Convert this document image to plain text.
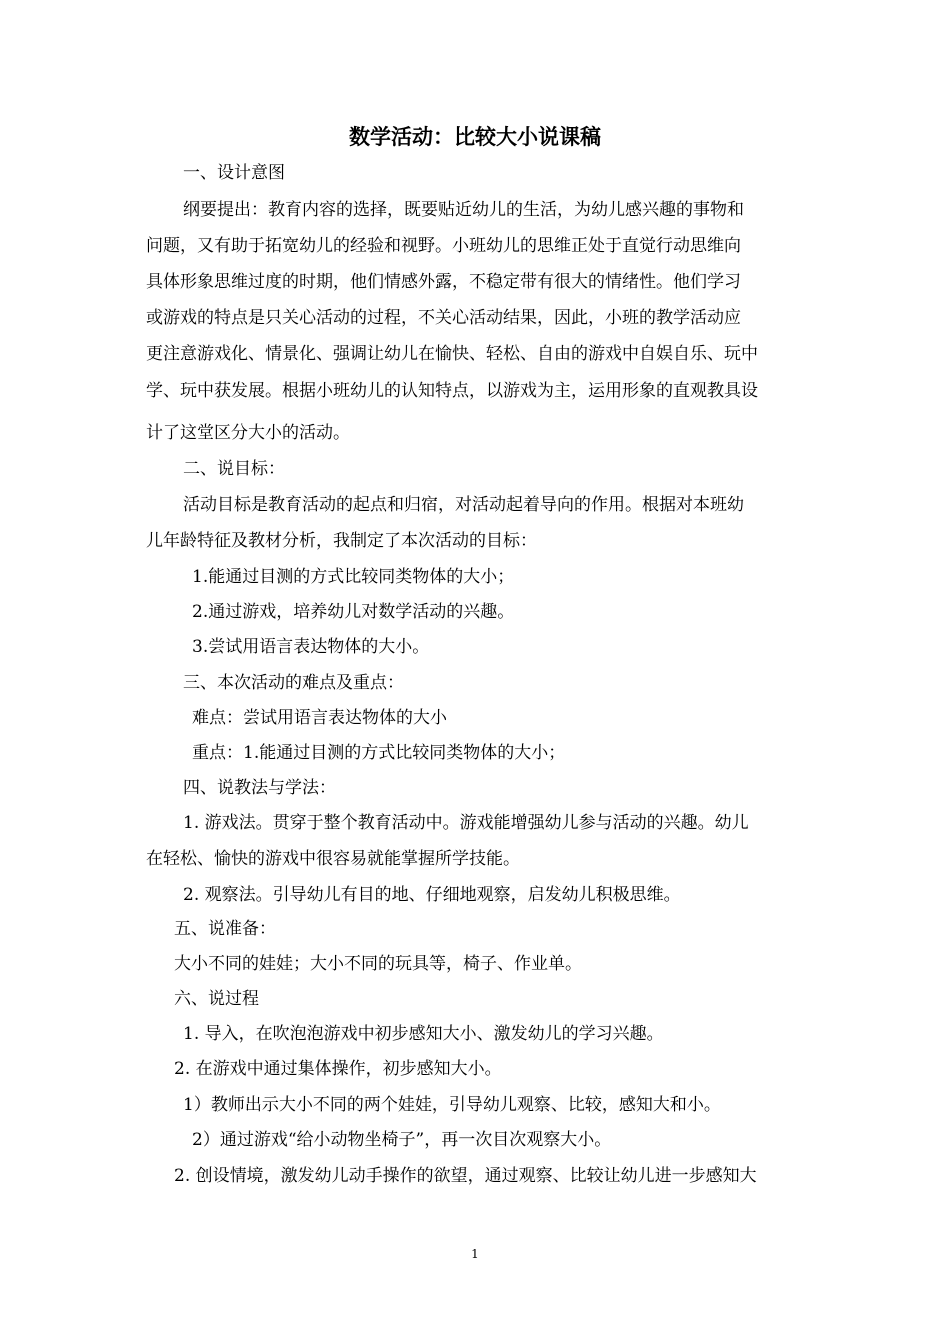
数学活动：比较大小说课稿
一、设计意图
纲要提出：教育内容的选择，既要贴近幼儿的生活，为幼儿感兴趣的事物和
问题，又有助于拓宽幼儿的经验和视野。小班幼儿的思维正处于直觉行动思维向
具体形象思维过度的时期，他们情感外露，不稳定带有很大的情绪性。他们学习
或游戏的特点是只关心活动的过程，不关心活动结果，因此，小班的教学活动应
更注意游戏化、情景化、强调让幼儿在愉快、轻松、自由的游戏中自娱自乐、玩中
学、玩中获发展。根据小班幼儿的认知特点，以游戏为主，运用形象的直观教具设
计了这堂区分大小的活动。
二、说目标：
活动目标是教育活动的起点和归宿，对活动起着导向的作用。根据对本班幼
儿年龄特征及教材分析，我制定了本次活动的目标：
1.能通过目测的方式比较同类物体的大小；
2.通过游戏，培养幼儿对数学活动的兴趣。
3.尝试用语言表达物体的大小。
三、本次活动的难点及重点：
难点：尝试用语言表达物体的大小
重点：1.能通过目测的方式比较同类物体的大小；
四、说教法与学法：
1. 游戏法。贯穿于整个教育活动中。游戏能增强幼儿参与活动的兴趣。幼儿
在轻松、愉快的游戏中很容易就能掌握所学技能。
2. 观察法。引导幼儿有目的地、仔细地观察，启发幼儿积极思维。
五、说准备：
大小不同的娃娃；大小不同的玩具等，椅子、作业单。
六、说过程
1. 导入，在吹泡泡游戏中初步感知大小、激发幼儿的学习兴趣。
2. 在游戏中通过集体操作，初步感知大小。
1）教师出示大小不同的两个娃娃，引导幼儿观察、比较，感知大和小。
2）通过游戏“给小动物坐椅子”，再一次目次观察大小。
2. 创设情境，激发幼儿动手操作的欲望，通过观察、比较让幼儿进一步感知大
1
